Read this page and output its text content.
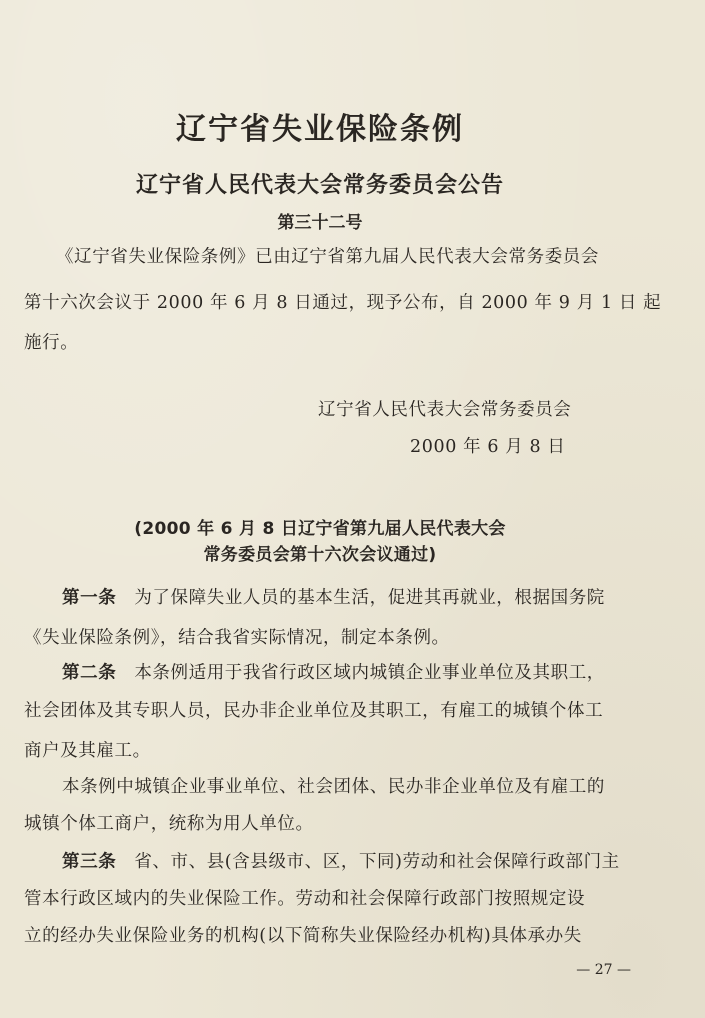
辽宁省失业保险条例
辽宁省人民代表大会常务委员会公告
第三十二号
《辽宁省失业保险条例》已由辽宁省第九届人民代表大会常务委员会
第十六次会议于 2000 年 6 月 8 日通过，现予公布，自 2000 年 9 月 1 日 起
施行。
辽宁省人民代表大会常务委员会
2000 年 6 月 8 日
(2000 年 6 月 8 日辽宁省第九届人民代表大会
常务委员会第十六次会议通过)
第一条 为了保障失业人员的基本生活，促进其再就业，根据国务院
《失业保险条例》，结合我省实际情况，制定本条例。
第二条 本条例适用于我省行政区域内城镇企业事业单位及其职工，
社会团体及其专职人员，民办非企业单位及其职工，有雇工的城镇个体工
商户及其雇工。
本条例中城镇企业事业单位、社会团体、民办非企业单位及有雇工的
城镇个体工商户，统称为用人单位。
第三条 省、市、县(含县级市、区，下同)劳动和社会保障行政部门主
管本行政区域内的失业保险工作。劳动和社会保障行政部门按照规定设
立的经办失业保险业务的机构(以下简称失业保险经办机构)具体承办失
— 27 —
